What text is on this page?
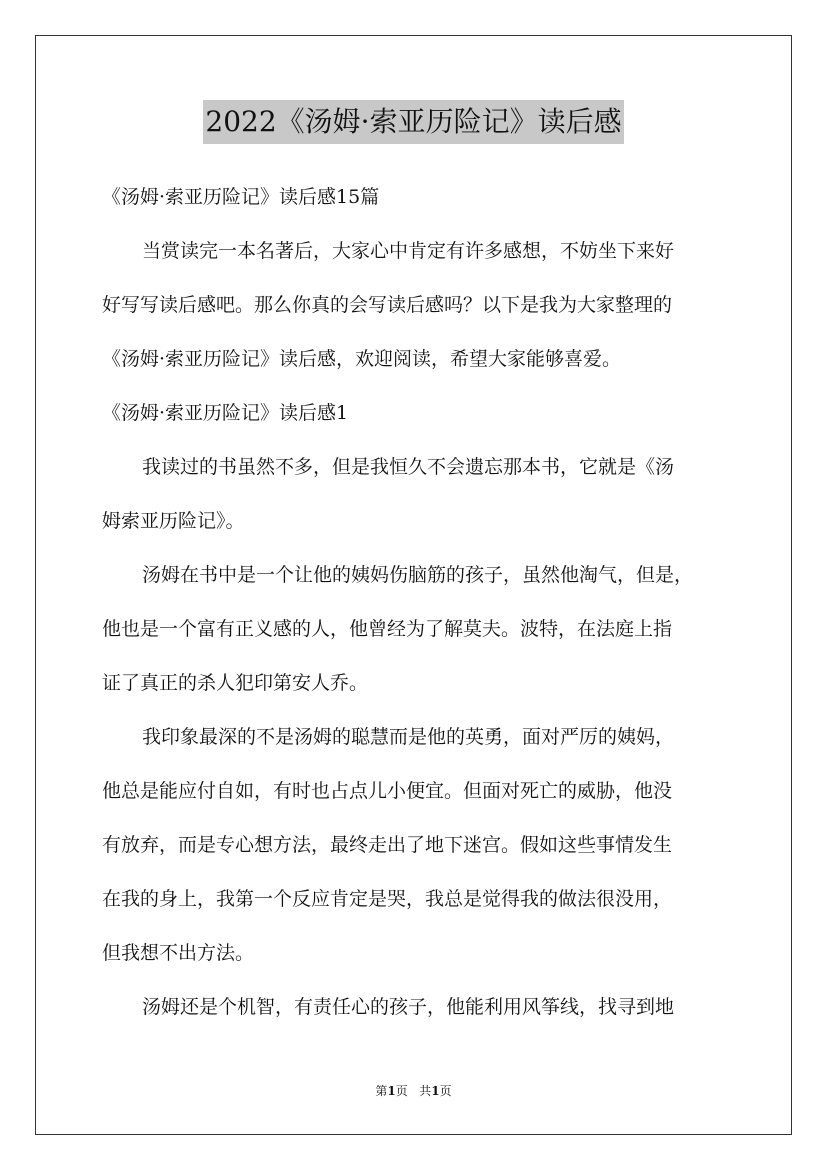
2022《汤姆·索亚历险记》读后感
《汤姆·索亚历险记》读后感15篇
当赏读完一本名著后，大家心中肯定有许多感想，不妨坐下来好
好写写读后感吧。那么你真的会写读后感吗？以下是我为大家整理的
《汤姆·索亚历险记》读后感，欢迎阅读，希望大家能够喜爱。
《汤姆·索亚历险记》读后感1
我读过的书虽然不多，但是我恒久不会遗忘那本书，它就是《汤
姆索亚历险记》。
汤姆在书中是一个让他的姨妈伤脑筋的孩子，虽然他淘气，但是，
他也是一个富有正义感的人，他曾经为了解莫夫。波特，在法庭上指
证了真正的杀人犯印第安人乔。
我印象最深的不是汤姆的聪慧而是他的英勇，面对严厉的姨妈，
他总是能应付自如，有时也占点儿小便宜。但面对死亡的威胁，他没
有放弃，而是专心想方法，最终走出了地下迷宫。假如这些事情发生
在我的身上，我第一个反应肯定是哭，我总是觉得我的做法很没用，
但我想不出方法。
汤姆还是个机智，有责任心的孩子，他能利用风筝线，找寻到地
第1页 共1页
